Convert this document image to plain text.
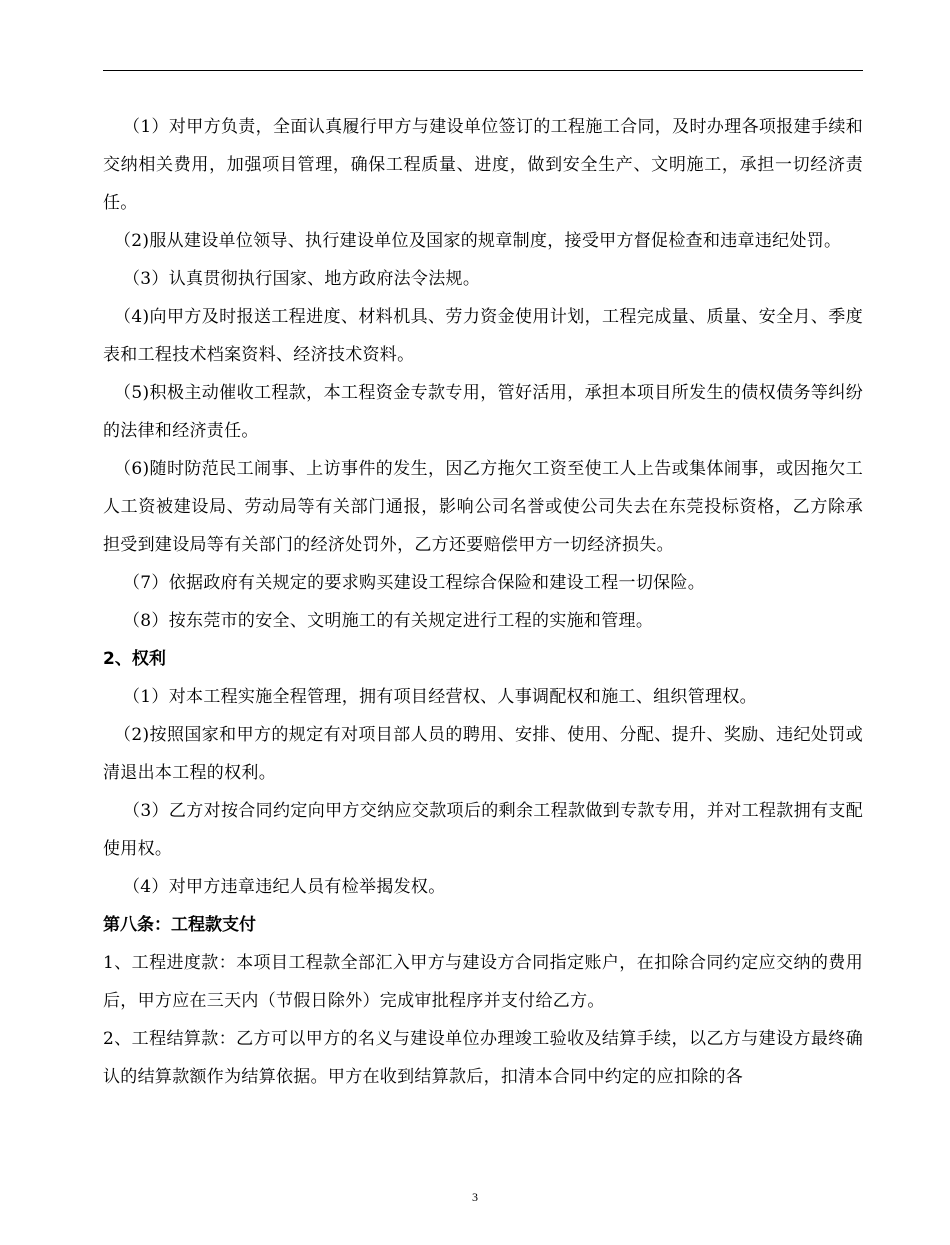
（1）对甲方负责，全面认真履行甲方与建设单位签订的工程施工合同，及时办理各项报建手续和交纳相关费用，加强项目管理，确保工程质量、进度，做到安全生产、文明施工，承担一切经济责任。

（2)服从建设单位领导、执行建设单位及国家的规章制度，接受甲方督促检查和违章违纪处罚。

（3）认真贯彻执行国家、地方政府法令法规。

（4)向甲方及时报送工程进度、材料机具、劳力资金使用计划，工程完成量、质量、安全月、季度表和工程技术档案资料、经济技术资料。

（5)积极主动催收工程款，本工程资金专款专用，管好活用，承担本项目所发生的债权债务等纠纷的法律和经济责任。

（6)随时防范民工闹事、上访事件的发生，因乙方拖欠工资至使工人上告或集体闹事，或因拖欠工人工资被建设局、劳动局等有关部门通报，影响公司名誉或使公司失去在东莞投标资格，乙方除承担受到建设局等有关部门的经济处罚外，乙方还要赔偿甲方一切经济损失。

（7）依据政府有关规定的要求购买建设工程综合保险和建设工程一切保险。

（8）按东莞市的安全、文明施工的有关规定进行工程的实施和管理。

2、权利

（1）对本工程实施全程管理，拥有项目经营权、人事调配权和施工、组织管理权。

（2)按照国家和甲方的规定有对项目部人员的聘用、安排、使用、分配、提升、奖励、违纪处罚或清退出本工程的权利。

（3）乙方对按合同约定向甲方交纳应交款项后的剩余工程款做到专款专用，并对工程款拥有支配使用权。

（4）对甲方违章违纪人员有检举揭发权。

第八条：工程款支付

1、工程进度款：本项目工程款全部汇入甲方与建设方合同指定账户，在扣除合同约定应交纳的费用后，甲方应在三天内（节假日除外）完成审批程序并支付给乙方。

2、工程结算款：乙方可以甲方的名义与建设单位办理竣工验收及结算手续，以乙方与建设方最终确认的结算款额作为结算依据。甲方在收到结算款后，扣清本合同中约定的应扣除的各

3
